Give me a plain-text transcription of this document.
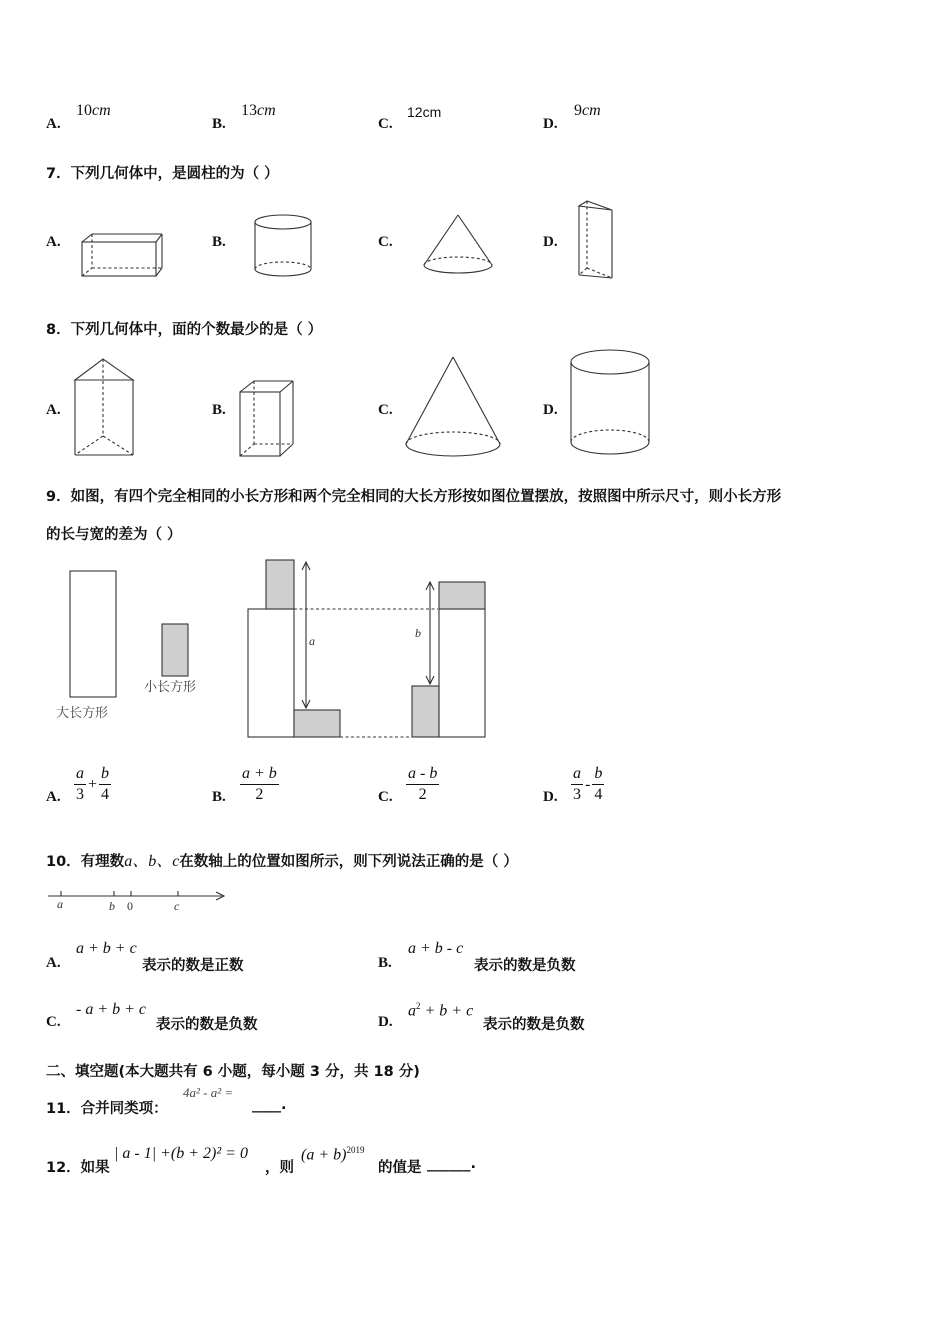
A.
10cm
B.
13cm
C.
12cm
D.
9cm
7．下列几何体中，是圆柱的为（ ）
A.	B.	C.	D.
8．下列几何体中，面的个数最少的是（ ）
A.	B.	C.	D.
9．如图，有四个完全相同的小长方形和两个完全相同的大长方形按如图位置摆放，按照图中所示尺寸，则小长方形
的长与宽的差为（ ）
大长方形
小长方形
a
b
A. $\frac{a}{3} + \frac{b}{4}$	B. $\frac{a + b}{2}$	C. $\frac{a - b}{2}$	D. $\frac{a}{3} - \frac{b}{4}$
10．有理数a、b、c在数轴上的位置如图所示，则下列说法正确的是（ ）
a	b 0	c
A.
a + b + c
表示的数是正数	B.
a + b - c
表示的数是负数
C.
- a + b + c
表示的数是负数	D.
$a^2 + b + c$
表示的数是负数
二、填空题(本大题共有 6 小题，每小题 3 分，共 18 分)
11．合并同类项：
4a² - a² =
____.
12．如果
| a - 1| +(b + 2)² = 0
，则
$(a + b)^{2019}$
的值是 ______.
